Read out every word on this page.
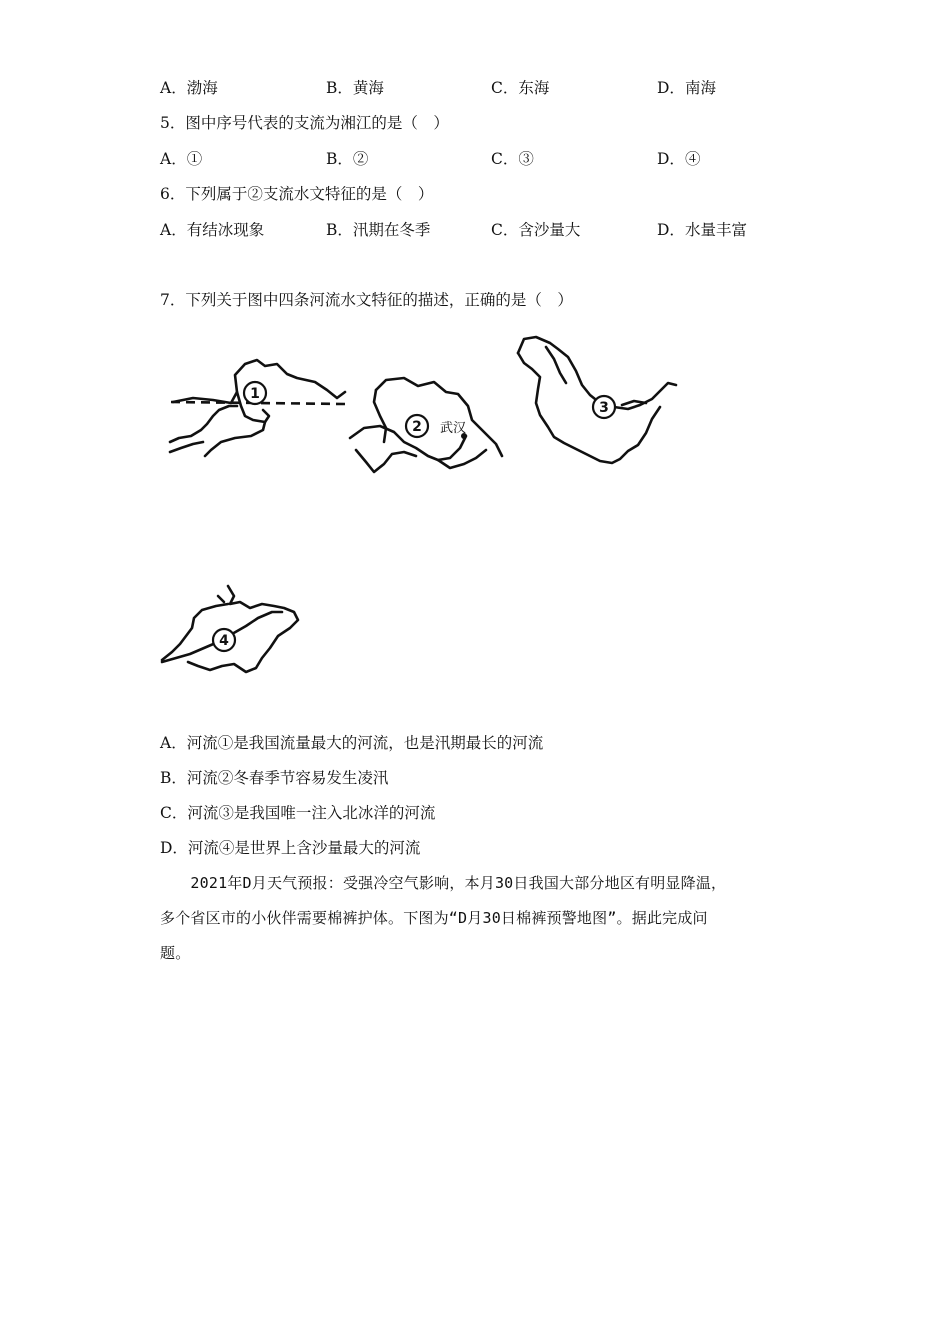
A．渤海	B．黄海	C．东海	D．南海
5．图中序号代表的支流为湘江的是（　）
A．①	B．②	C．③	D．④
6．下列属于②支流水文特征的是（　）
A．有结冰现象	B．汛期在冬季	C．含沙量大	D．水量丰富
7．下列关于图中四条河流水文特征的描述，正确的是（　）
1
2 武汉
3
4
A．河流①是我国流量最大的河流，也是汛期最长的河流
B．河流②冬春季节容易发生凌汛
C．河流③是我国唯一注入北冰洋的河流
D．河流④是世界上含沙量最大的河流
　　2021年D月天气预报：受强冷空气影响，本月30日我国大部分地区有明显降温，
多个省区市的小伙伴需要棉裤护体。下图为“D月30日棉裤预警地图”。据此完成问
题。
